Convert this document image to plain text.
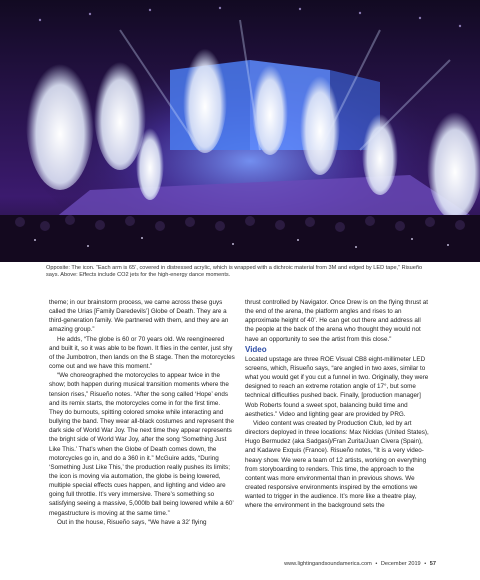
Opposite: The icon. “Each arm is 65’, covered in distressed acrylic, which is wrapped with a dichroic material from 3M and edged by LED tape,” Risueño says. Above: Effects include CO2 jets for the high-energy dance moments.

theme; in our brainstorm process, we came across these guys called the Urias [Family Daredevils’] Globe of Death. They are a third-generation family. We partnered with them, and they are an amazing group.”

He adds, “The globe is 60 or 70 years old. We reengineered and built it, so it was able to be flown. It flies in the center, just shy of the Jumbotron, then lands on the B stage. Then the motorcycles come out and we have this moment.”

“We choreographed the motorcycles to appear twice in the show; both happen during musical transition moments where the tension rises,” Risueño notes. “After the song called ‘Hope’ ends and its remix starts, the motorcycles come in for the first time. They do burnouts, spitting colored smoke while interacting and bullying the band. They wear all-black costumes and represent the dark side of World War Joy. The next time they appear represents the bright side of World War Joy, after the song ‘Something Just Like This.’ That’s when the Globe of Death comes down, the motorcycles go in, and do a 360 in it.” McGuire adds, “During ‘Something Just Like This,’ the production really pushes its limits; the icon is moving via automation, the globe is being lowered, multiple special effects cues happen, and lighting and video are going full throttle. It’s very immersive. There’s something so satisfying seeing a massive, 5,000lb ball being lowered while a 60’ megastructure is moving at the same time.”

Out in the house, Risueño says, “We have a 32’ flying

thrust controlled by Navigator. Once Drew is on the flying thrust at the end of the arena, the platform angles and rises to an approximate height of 40’. He can get out there and address all the people at the back of the arena who thought they would not have an opportunity to see the artist from this close.”

Video

Located upstage are three ROE Visual CB8 eight-millimeter LED screens, which, Risueño says, “are angled in two axes, similar to what you would get if you cut a funnel in two. Originally, they were designed to reach an extreme rotation angle of 17°, but some technical difficulties pushed back. Finally, [production manager] Wob Roberts found a sweet spot, balancing build time and aesthetics.” Video and lighting gear are provided by PRG.

Video content was created by Production Club, led by art directors deployed in three locations: Max Nicklas (United States), Hugo Bermudez (aka Sadgasi)/Fran Zurita/Juan Civera (Spain), and Kadavre Exquis (France). Risueño notes, “It is a very video-heavy show. We were a team of 12 artists, working on everything from storyboarding to renders. This time, the approach to the content was more environmental than in previous shows. We created responsive environments inspired by the emotions we wanted to trigger in the audience. It’s more like a theatre play, where the environment in the background sets the

www.lightingandsoundamerica.com • December 2019 • 57
